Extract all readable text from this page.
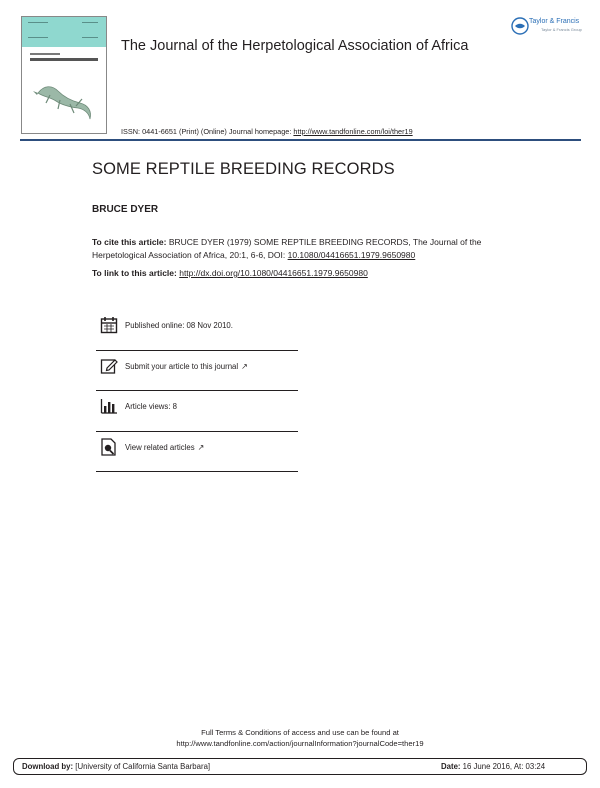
The Journal of the Herpetological Association of Africa
Taylor & Francis
Taylor & Francis Group
ISSN: 0441-6651 (Print) (Online) Journal homepage: http://www.tandfonline.com/loi/ther19
SOME REPTILE BREEDING RECORDS
BRUCE DYER
To cite this article: BRUCE DYER (1979) SOME REPTILE BREEDING RECORDS, The Journal of the Herpetological Association of Africa, 20:1, 6-6, DOI: 10.1080/04416651.1979.9650980
To link to this article: http://dx.doi.org/10.1080/04416651.1979.9650980
Published online: 08 Nov 2010.
Submit your article to this journal ↗
Article views: 8
View related articles ↗
Full Terms & Conditions of access and use can be found at
http://www.tandfonline.com/action/journalInformation?journalCode=ther19
Download by: [University of California Santa Barbara]	Date: 16 June 2016, At: 03:24
